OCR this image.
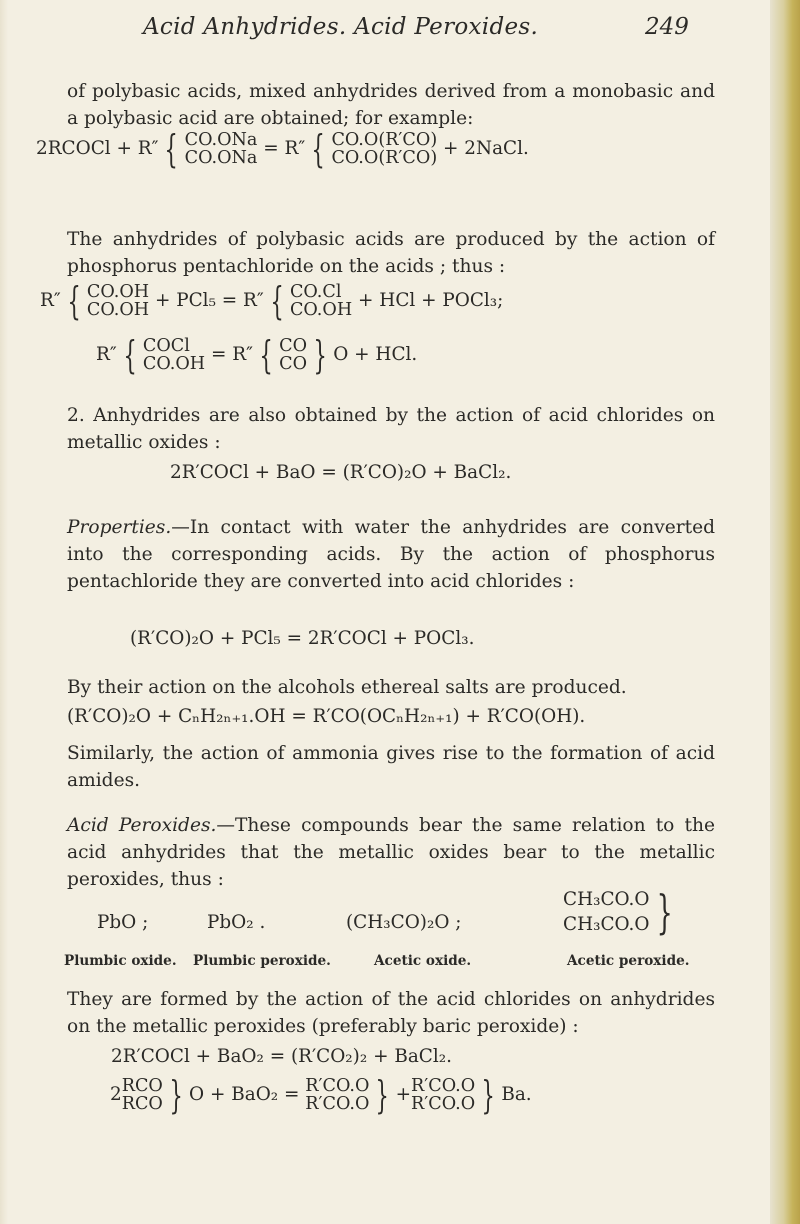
Acid Anhydrides. Acid Peroxides.	249
of polybasic acids, mixed anhydrides derived from a monobasic and a polybasic acid are obtained; for example:
2RCOCl + R″ { CO.ONa
CO.ONa = R″ { CO.O(R′CO)
CO.O(R′CO) + 2NaCl.
The anhydrides of polybasic acids are produced by the action of phosphorus pentachloride on the acids ; thus :
R″ { CO.OH
CO.OH + PCl₅ = R″ { CO.Cl
CO.OH + HCl + POCl₃;
R″ { COCl
CO.OH = R″ { CO
CO } O + HCl.
2. Anhydrides are also obtained by the action of acid chlorides on metallic oxides :
2R′COCl + BaO = (R′CO)₂O + BaCl₂.
Properties.—In contact with water the anhydrides are converted into the corresponding acids. By the action of phosphorus pentachloride they are converted into acid chlorides :
(R′CO)₂O + PCl₅ = 2R′COCl + POCl₃.
By their action on the alcohols ethereal salts are produced.
(R′CO)₂O + CₙH₂ₙ₊₁.OH = R′CO(OCₙH₂ₙ₊₁) + R′CO(OH).
Similarly, the action of ammonia gives rise to the formation of acid amides.
Acid Peroxides.—These compounds bear the same relation to the acid anhydrides that the metallic oxides bear to the metallic peroxides, thus :
PbO ;	PbO₂ .	(CH₃CO)₂O ;
CH₃CO.O
CH₃CO.O }
Plumbic oxide. Plumbic peroxide.	Acetic oxide.	Acetic peroxide.
They are formed by the action of the acid chlorides on anhydrides on the metallic peroxides (preferably baric peroxide) :
2R′COCl + BaO₂ = (R′CO₂)₂ + BaCl₂.
2 RCO
RCO } O + BaO₂ = R′CO.O
R′CO.O } + R′CO.O
R′CO.O } Ba.
